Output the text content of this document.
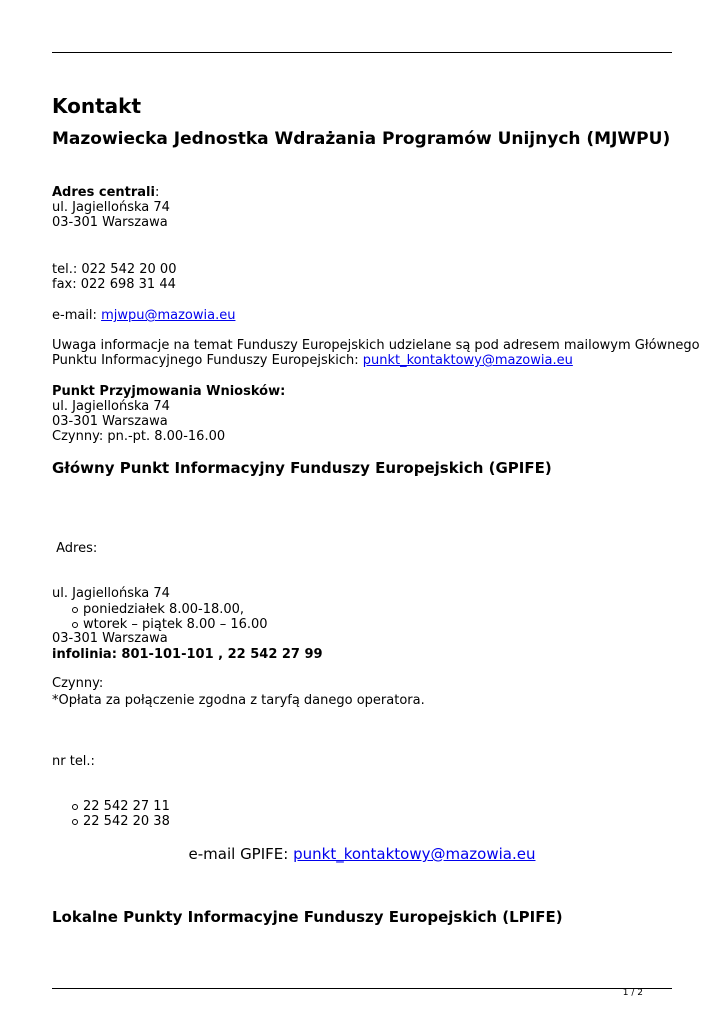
Kontakt
Mazowiecka Jednostka Wdrażania Programów Unijnych (MJWPU)
Adres centrali:
ul. Jagiellońska 74
03-301 Warszawa
tel.: 022 542 20 00
fax: 022 698 31 44
e-mail: mjwpu@mazowia.eu
Uwaga informacje na temat Funduszy Europejskich udzielane są pod adresem mailowym Głównego
Punktu Informacyjnego Funduszy Europejskich: punkt_kontaktowy@mazowia.eu
Punkt Przyjmowania Wniosków:
ul. Jagiellońska 74
03-301 Warszawa
Czynny: pn.-pt. 8.00-16.00
Główny Punkt Informacyjny Funduszy Europejskich (GPIFE)

Adres:

ul. Jagiellońska 74

03-301 Warszawa

Czynny:

poniedziałek 8.00-18.00,
wtorek – piątek 8.00 – 16.00
infolinia: 801-101-101 , 22 542 27 99
*Opłata za połączenie zgodna z taryfą danego operatora.
nr tel.:
22 542 27 11
22 542 20 38
e-mail GPIFE: punkt_kontaktowy@mazowia.eu
Lokalne Punkty Informacyjne Funduszy Europejskich (LPIFE)
1 / 2
